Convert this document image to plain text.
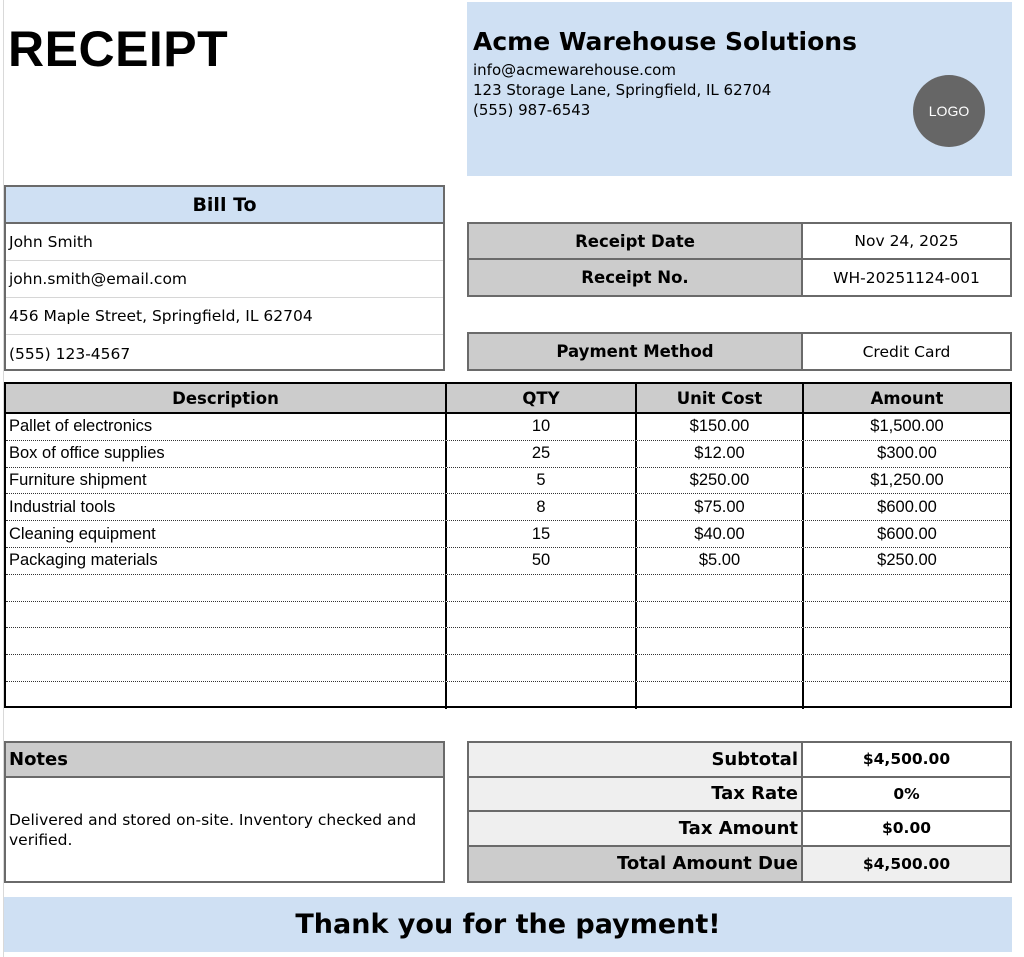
RECEIPT	Acme Warehouse Solutions
info@acmewarehouse.com
123 Storage Lane, Springfield, IL 62704
(555) 987-6543	LOGO
Bill To
John Smith
john.smith@email.com
456 Maple Street, Springfield, IL 62704
(555) 123-4567
Receipt Date	Nov 24, 2025
Receipt No.	WH-20251124-001
Payment Method	Credit Card
Description	QTY	Unit Cost	Amount
Pallet of electronics	10	$150.00	$1,500.00
Box of office supplies	25	$12.00	$300.00
Furniture shipment	5	$250.00	$1,250.00
Industrial tools	8	$75.00	$600.00
Cleaning equipment	15	$40.00	$600.00
Packaging materials	50	$5.00	$250.00
Notes
Delivered and stored on-site. Inventory checked and verified.
Subtotal	$4,500.00
Tax Rate	0%
Tax Amount	$0.00
Total Amount Due	$4,500.00
Thank you for the payment!
